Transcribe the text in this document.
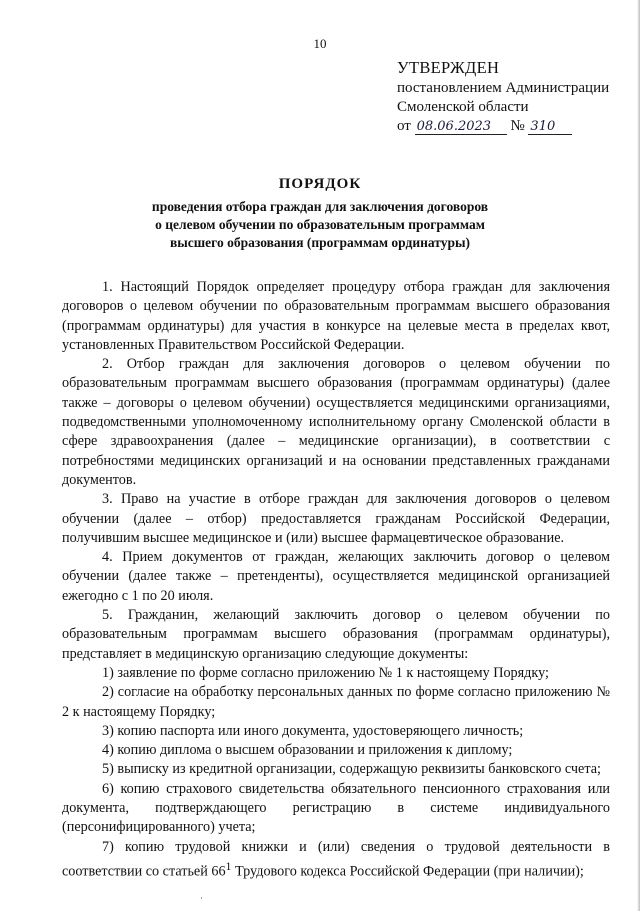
10
УТВЕРЖДЕН
постановлением Администрации
Смоленской области
от 08.06.2023 № 310
ПОРЯДОК
проведения отбора граждан для заключения договоров
о целевом обучении по образовательным программам
высшего образования (программам ординатуры)

1. Настоящий Порядок определяет процедуру отбора граждан для заключения договоров о целевом обучении по образовательным программам высшего образования (программам ординатуры) для участия в конкурсе на целевые места в пределах квот, установленных Правительством Российской Федерации.

2. Отбор граждан для заключения договоров о целевом обучении по образовательным программам высшего образования (программам ординатуры) (далее также – договоры о целевом обучении) осуществляется медицинскими организациями, подведомственными уполномоченному исполнительному органу Смоленской области в сфере здравоохранения (далее – медицинские организации), в соответствии с потребностями медицинских организаций и на основании представленных гражданами документов.

3. Право на участие в отборе граждан для заключения договоров о целевом обучении (далее – отбор) предоставляется гражданам Российской Федерации, получившим высшее медицинское и (или) высшее фармацевтическое образование.

4. Прием документов от граждан, желающих заключить договор о целевом обучении (далее также – претенденты), осуществляется медицинской организацией ежегодно с 1 по 20 июля.

5. Гражданин, желающий заключить договор о целевом обучении по образовательным программам высшего образования (программам ординатуры), представляет в медицинскую организацию следующие документы:

1) заявление по форме согласно приложению № 1 к настоящему Порядку;

2) согласие на обработку персональных данных по форме согласно приложению № 2 к настоящему Порядку;

3) копию паспорта или иного документа, удостоверяющего личность;

4) копию диплома о высшем образовании и приложения к диплому;

5) выписку из кредитной организации, содержащую реквизиты банковского счета;

6) копию страхового свидетельства обязательного пенсионного страхования или документа, подтверждающего регистрацию в системе индивидуального (персонифицированного) учета;

7) копию трудовой книжки и (или) сведения о трудовой деятельности в соответствии со статьей $66^1$ Трудового кодекса Российской Федерации (при наличии);

·
